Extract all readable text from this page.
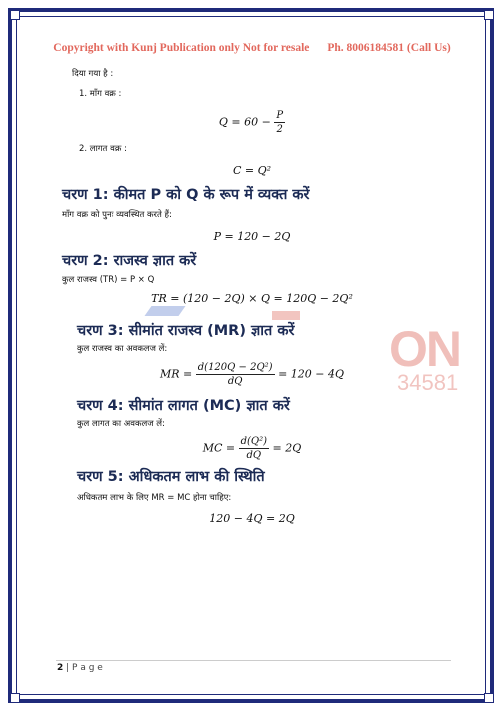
Copyright with Kunj Publication only Not for resale Ph. 8006184581 (Call Us)
ON
34581
दिया गया है :
1. माँग वक्र :
$Q = 60 - \frac{P}{2}$
2. लागत वक्र :
C = Q²
चरण 1: कीमत P को Q के रूप में व्यक्त करें
माँग वक्र को पुनः व्यवस्थित करते हैं:
P = 120 − 2Q
चरण 2: राजस्व ज्ञात करें
कुल राजस्व (TR) = P × Q
TR = (120 − 2Q) × Q = 120Q − 2Q²
चरण 3: सीमांत राजस्व (MR) ज्ञात करें
कुल राजस्व का अवकलज लें:
MR = $\frac{\text{d(120Q − 2Q²)}}{dQ} = 120 - 4Q$
चरण 4: सीमांत लागत (MC) ज्ञात करें
कुल लागत का अवकलज लें:
MC = $\frac{\text{d(Q²)}}{dQ} = 2Q$
चरण 5: अधिकतम लाभ की स्थिति
अधिकतम लाभ के लिए MR = MC होना चाहिए:
120 − 4Q = 2Q
2 | P a g e
